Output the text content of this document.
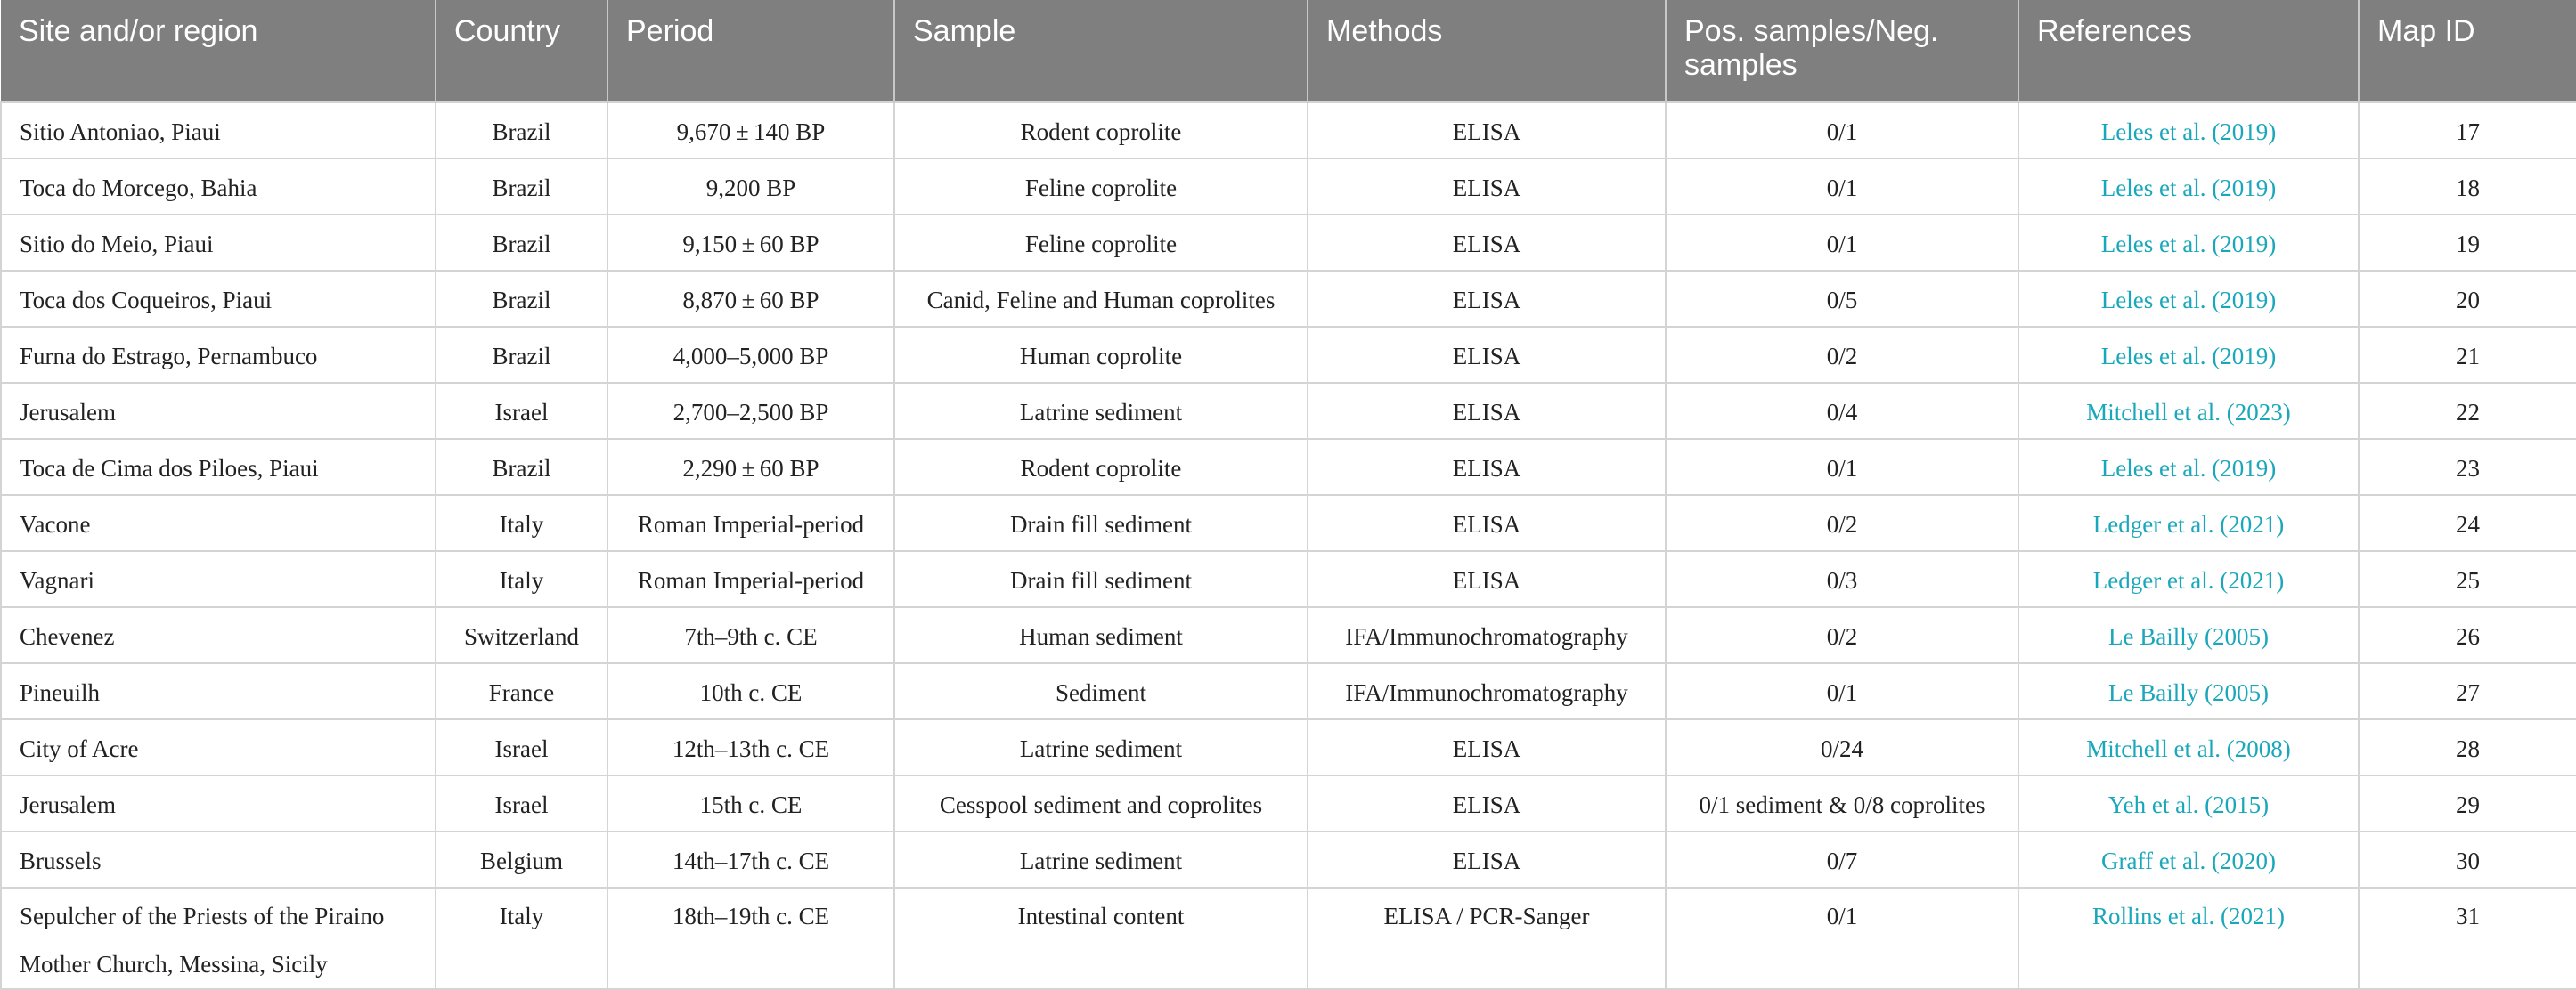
Site and/or region	Country	Period	Sample	Methods	Pos. samples/Neg. samples	References	Map ID
Sitio Antoniao, Piaui	Brazil	9,670 ± 140 BP	Rodent coprolite	ELISA	0/1	Leles et al. (2019)	17
Toca do Morcego, Bahia	Brazil	9,200 BP	Feline coprolite	ELISA	0/1	Leles et al. (2019)	18
Sitio do Meio, Piaui	Brazil	9,150 ± 60 BP	Feline coprolite	ELISA	0/1	Leles et al. (2019)	19
Toca dos Coqueiros, Piaui	Brazil	8,870 ± 60 BP	Canid, Feline and Human coprolites	ELISA	0/5	Leles et al. (2019)	20
Furna do Estrago, Pernambuco	Brazil	4,000–5,000 BP	Human coprolite	ELISA	0/2	Leles et al. (2019)	21
Jerusalem	Israel	2,700–2,500 BP	Latrine sediment	ELISA	0/4	Mitchell et al. (2023)	22
Toca de Cima dos Piloes, Piaui	Brazil	2,290 ± 60 BP	Rodent coprolite	ELISA	0/1	Leles et al. (2019)	23
Vacone	Italy	Roman Imperial-period	Drain fill sediment	ELISA	0/2	Ledger et al. (2021)	24
Vagnari	Italy	Roman Imperial-period	Drain fill sediment	ELISA	0/3	Ledger et al. (2021)	25
Chevenez	Switzerland	7th–9th c. CE	Human sediment	IFA/Immunochromatography	0/2	Le Bailly (2005)	26
Pineuilh	France	10th c. CE	Sediment	IFA/Immunochromatography	0/1	Le Bailly (2005)	27
City of Acre	Israel	12th–13th c. CE	Latrine sediment	ELISA	0/24	Mitchell et al. (2008)	28
Jerusalem	Israel	15th c. CE	Cesspool sediment and coprolites	ELISA	0/1 sediment & 0/8 coprolites	Yeh et al. (2015)	29
Brussels	Belgium	14th–17th c. CE	Latrine sediment	ELISA	0/7	Graff et al. (2020)	30
Sepulcher of the Priests of the Piraino Mother Church, Messina, Sicily	Italy	18th–19th c. CE	Intestinal content	ELISA / PCR-Sanger	0/1	Rollins et al. (2021)	31
